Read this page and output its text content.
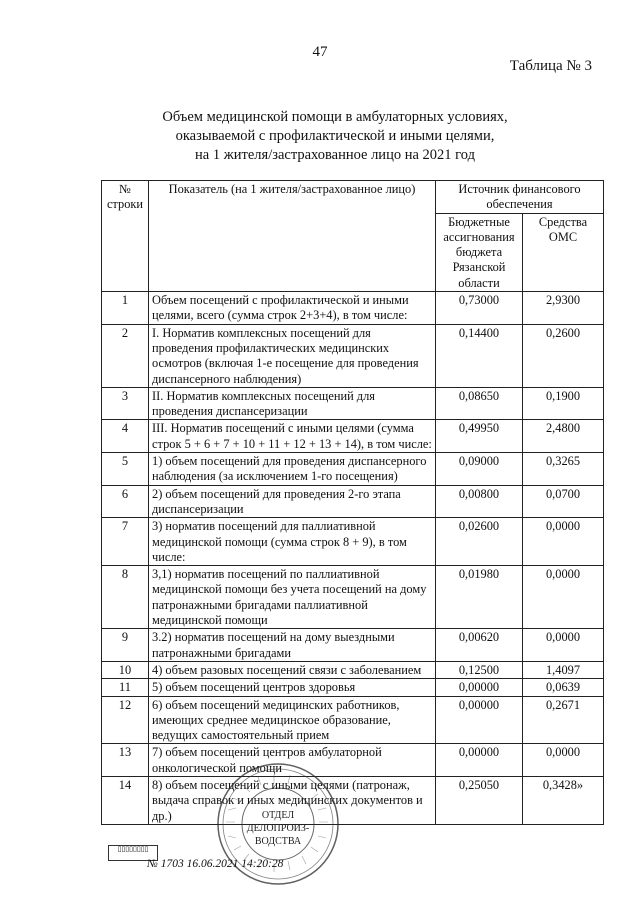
47
Таблица № 3
Объем медицинской помощи в амбулаторных условиях,
оказываемой с профилактической и иными целями,
на 1 жителя/застрахованное лицо на 2021 год
№ строки	Показатель (на 1 жителя/застрахованное лицо)	Источник финансового обеспечения	
		Бюджетные ассигнования бюджета Рязанской области	Средства ОМС
1	Объем посещений с профилактической и иными целями, всего (сумма строк 2+3+4), в том числе:	0,73000	2,9300
2	I. Норматив комплексных посещений для проведения профилактических медицинских осмотров (включая 1-е посещение для проведения диспансерного наблюдения)	0,14400	0,2600
3	II. Норматив комплексных посещений для проведения диспансеризации	0,08650	0,1900
4	III. Норматив посещений с иными целями (сумма строк 5 + 6 + 7 + 10 + 11 + 12 + 13 + 14), в том числе:	0,49950	2,4800
5	1) объем посещений для проведения диспансерного наблюдения (за исключением 1-го посещения)	0,09000	0,3265
6	2) объем посещений для проведения 2-го этапа диспансеризации	0,00800	0,0700
7	3) норматив посещений для паллиативной медицинской помощи (сумма строк 8 + 9), в том числе:	0,02600	0,0000
8	3,1) норматив посещений по паллиативной медицинской помощи без учета посещений на дому патронажными бригадами паллиативной медицинской помощи	0,01980	0,0000
9	3.2) норматив посещений на дому выездными патронажными бригадами	0,00620	0,0000
10	4) объем разовых посещений связи с заболеванием	0,12500	1,4097
11	5) объем посещений центров здоровья	0,00000	0,0639
12	6) объем посещений медицинских работников, имеющих среднее медицинское образование, ведущих самостоятельный прием	0,00000	0,2671
13	7) объем посещений центров амбулаторной онкологической помощи	0,00000	0,0000
14	8) объем посещений с иными целями (патронаж, выдача справок и иных медицинских документов и др.)	0,25050	0,3428»
ОТДЕЛ
ДЕЛОПРОИЗ-
ВОДСТВА
▯▯▯▯▯▯▯▯
№ 1703 16.06.2021 14:20:28
